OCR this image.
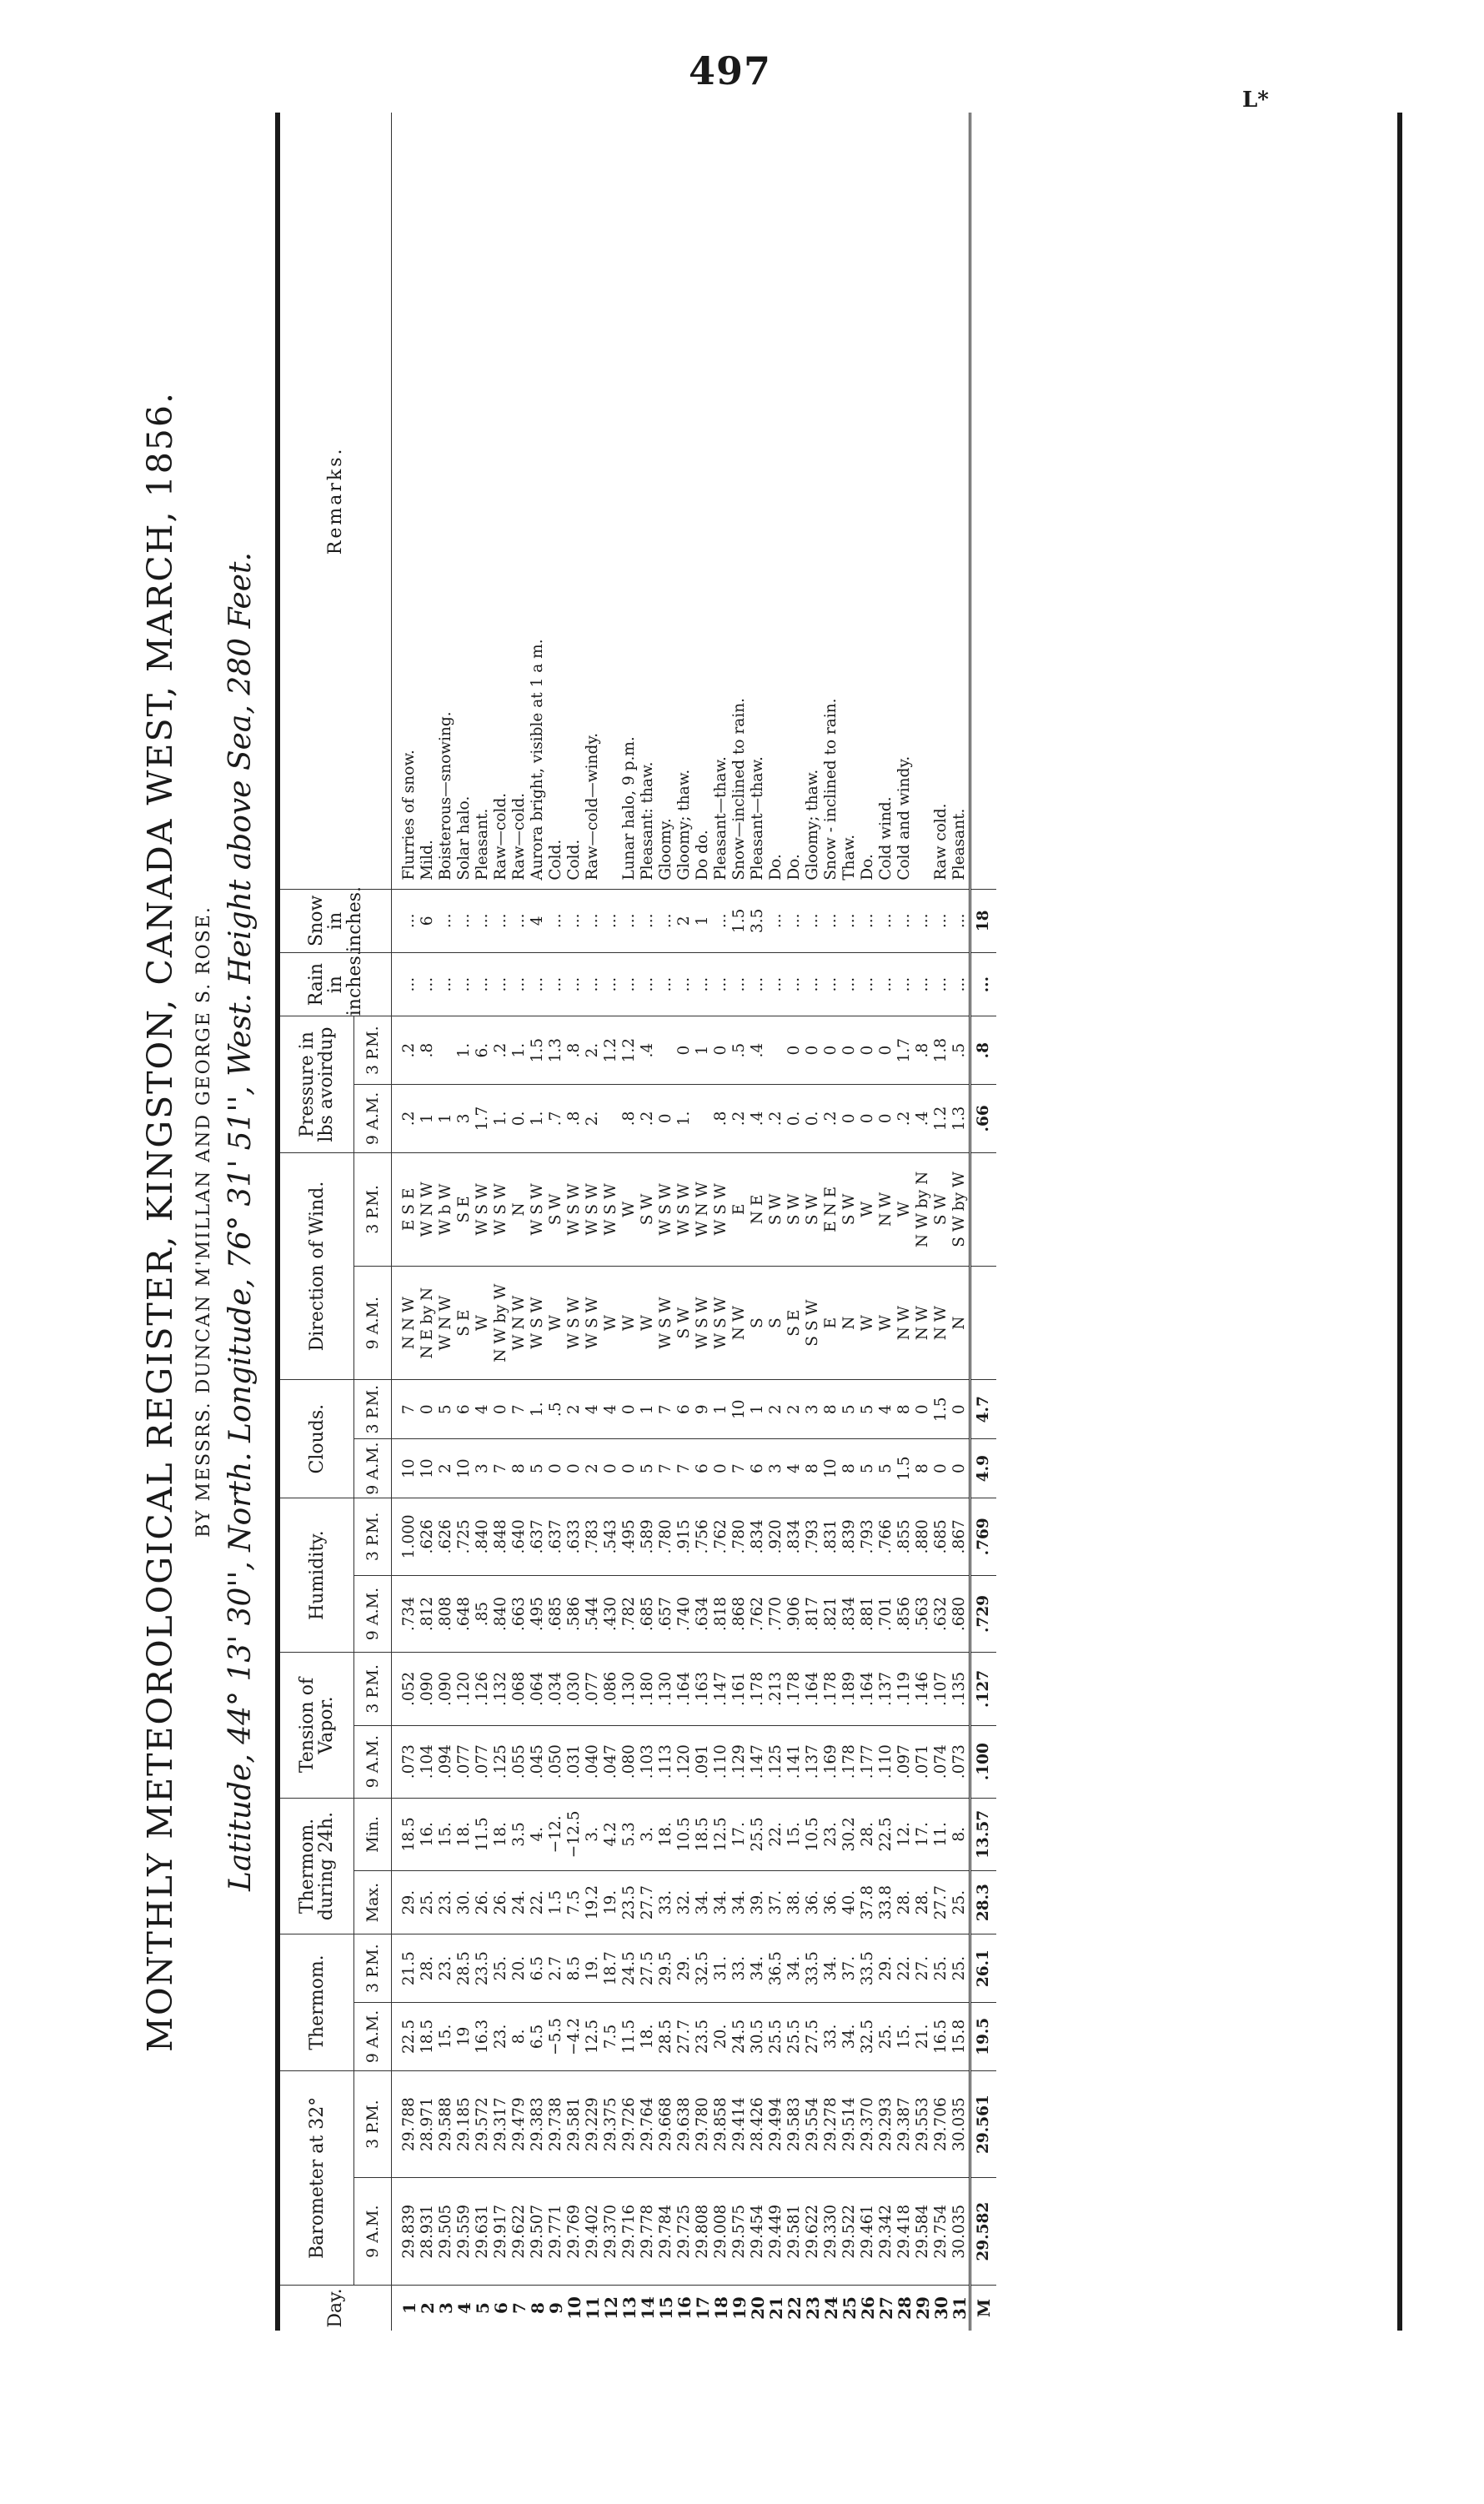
497
MONTHLY METEOROLOGICAL REGISTER, KINGSTON, CANADA WEST, MARCH, 1856. BY MESSRS. DUNCAN M'MILLAN AND GEORGE S. ROSE. Latitude, 44° 13' 30'', North. Longitude, 76° 31' 51'', West. Height above Sea, 280 Feet.
Day.	Barometer at 32°		Thermom.		Thermom. during 24h.		Tension of Vapor.		Humidity.		Clouds.		Direction of Wind.		Pressure in lbs avoirdup		Rain in inches.	Snow in inches.	Remarks.
	9 A.M.	3 P.M.	9 A.M.	3 P.M.	Max.	Min.	9 A.M.	3 P.M.	9 A.M.	3 P.M.	9 A.M.	3 P.M.	9 A.M.	3 P.M.	9 A.M.	3 P.M.			
1	29.839	29.788	22.5	21.5	29.	18.5	.073	.052	.734	1.000	10	7	N N W	E S E	.2	.2	...	...	Flurries of snow.
2	28.931	28.971	18.5	28.	25.	16.	.104	.090	.812	.626	10	0	N E by N	W N W	1	.8	...	6	Mild.
3	29.505	29.588	15.	23.	23.	15.	.094	.090	.808	.626	2	5	W N W	W b W	1		...	...	Boisterous—snowing.
4	29.559	29.185	19	28.5	30.	18.	.077	.120	.648	.725	10	6	S E	S E	3	1.	...	...	Solar halo.
5	29.631	29.572	16.3	23.5	26.	11.5	.077	.126	.85	.840	3	4	W	W S W	1.7	6.	...	...	Pleasant.
6	29.917	29.317	23.	25.	26.	18.	.125	.132	.840	.848	7	0	N W by W	W S W	1.	.2	...	...	Raw—cold.
7	29.622	29.479	8.	20.	24.	3.5	.055	.068	.663	.640	8	7	W N W	N	0.	1.	...	...	Raw—cold.
8	29.507	29.383	6.5	6.5	22.	4.	.045	.064	.495	.637	5	1.	W S W	W S W	1.	1.5	...	4	Aurora bright, visible at 1 a m.
9	29.771	29.738	−5.5	2.7	1.5	−12.	.050	.034	.685	.637	0	.5	W	S W	.7	1.3	...	...	Cold.
10	29.769	29.581	−4.2	8.5	7.5	−12.5	.031	.030	.586	.633	0	2	W S W	W S W	.8	.8	...	...	Cold.
11	29.402	29.229	12.5	19.	19.2	3.	.040	.077	.544	.783	2	4	W S W	W S W	2.	2.	...	...	Raw—cold—windy.
12	29.370	29.375	7.5	18.7	19.	4.2	.047	.086	.430	.543	0	4	W	W S W		1.2	...	...	
13	29.716	29.726	11.5	24.5	23.5	5.3	.080	.130	.782	.495	0	0	W	W	.8	1.2	...	...	Lunar halo, 9 p.m.
14	29.778	29.764	18.	27.5	27.7	3.	.103	.180	.685	.589	5	1	W	S W	.2	.4	...	...	Pleasant: thaw.
15	29.784	29.668	28.5	29.5	33.	18.	.113	.130	.657	.780	7	7	W S W	W S W	0		...	...	Gloomy.
16	29.725	29.638	27.7	29.	32.	10.5	.120	.164	.740	.915	7	6	S W	W S W	1.	0	...	2	Gloomy; thaw.
17	29.808	29.780	23.5	32.5	34.	18.5	.091	.163	.634	.756	6	9	W S W	W N W		1	...	1	Do do.
18	29.008	29.858	20.	31.	34.	12.5	.110	.147	.818	.762	0	1	W S W	W S W	.8	0	...	...	Pleasant—thaw.
19	29.575	29.414	24.5	33.	34.	17.	.129	.161	.868	.780	7	10	N W	E	.2	.5	...	1.5	Snow—inclined to rain.
20	29.454	28.426	30.5	34.	39.	25.5	.147	.178	.762	.834	6	1	S	N E	.4	.4	...	3.5	Pleasant—thaw.
21	29.449	29.494	25.5	36.5	37.	22.	.125	.213	.770	.920	3	2	S	S W	.2		...	...	Do.
22	29.581	29.583	25.5	34.	38.	15.	.141	.178	.906	.834	4	2	S E	S W	0.	0	...	...	Do.
23	29.622	29.554	27.5	33.5	36.	10.5	.137	.164	.817	.793	8	3	S S W	S W	0.	0	...	...	Gloomy; thaw.
24	29.330	29.278	33.	34.	36.	23.	.169	.178	.821	.831	10	8	E	E N E	.2	0	...	...	Snow - inclined to rain.
25	29.522	29.514	34.	37.	40.	30.2	.178	.189	.834	.839	8	5	N	S W	0	0	...	...	Thaw.
26	29.461	29.370	32.5	33.5	37.8	28.	.177	.164	.881	.793	5	5	W	W	0	0	...	...	Do.
27	29.342	29.293	25.	29.	33.8	22.5	.110	.137	.701	.766	5	4	W	N W	0	0	...	...	Cold wind.
28	29.418	29.387	15.	22.	28.	12.	.097	.119	.856	.855	1.5	8	N W	W	.2	1.7	...	...	Cold and windy.
29	29.584	29.553	21.	27.	28.	17.	.071	.146	.563	.880	8	0	N W	N W by N	.4	.8	...	...	
30	29.754	29.706	16.5	25.	27.7	11.	.074	.107	.632	.685	0	1.5	N W	S W	1.2	1.8	...	...	Raw cold.
31	30.035	30.035	15.8	25.	25.	8.	.073	.135	.680	.867	0	0	N	S W by W	1.3	.5	...	...	Pleasant.
M	29.582	29.561	19.5	26.1	28.3	13.57	.100	.127	.729	.769	4.9	4.7			.66	.8	...	18	
L*
